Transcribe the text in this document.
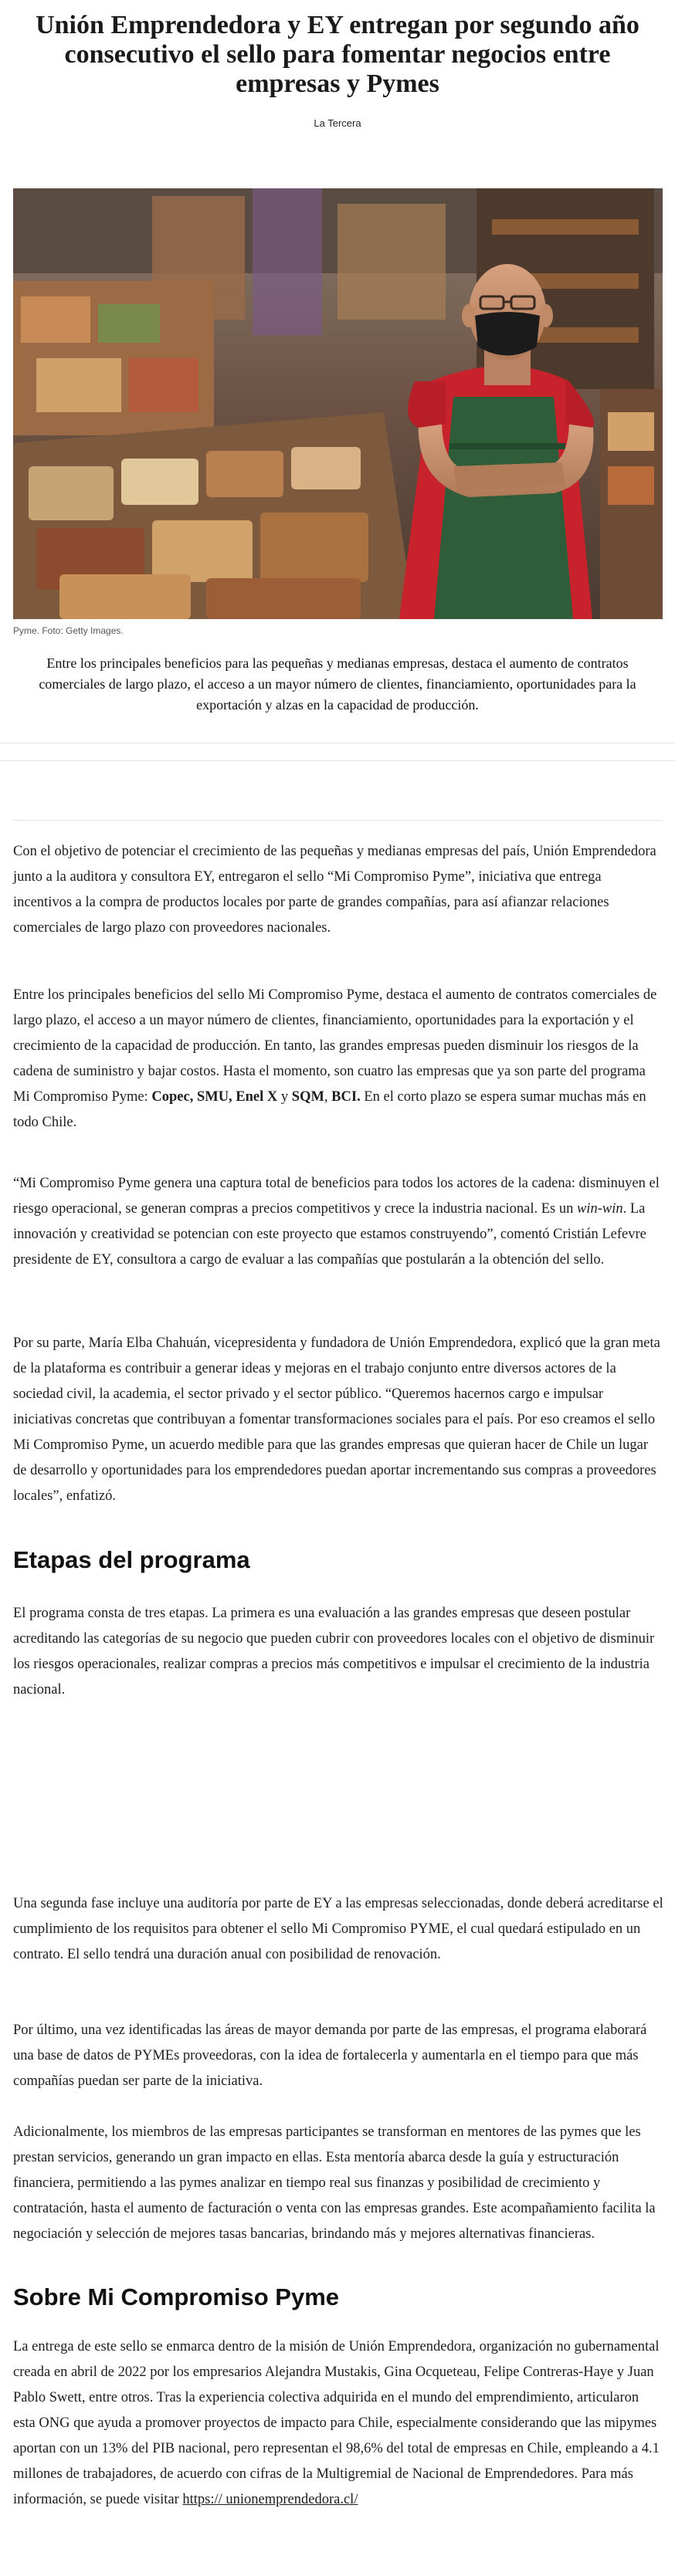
Unión Emprendedora y EY entregan por segundo año consecutivo el sello para fomentar negocios entre empresas y Pymes
La Tercera
Pyme. Foto: Getty Images.
Entre los principales beneficios para las pequeñas y medianas empresas, destaca el aumento de contratos comerciales de largo plazo, el acceso a un mayor número de clientes, financiamiento, oportunidades para la exportación y alzas en la capacidad de producción.

Con el objetivo de potenciar el crecimiento de las pequeñas y medianas empresas del país, Unión Emprendedora junto a la auditora y consultora EY, entregaron el sello “Mi Compromiso Pyme”, iniciativa que entrega incentivos a la compra de productos locales por parte de grandes compañías, para así afianzar relaciones comerciales de largo plazo con proveedores nacionales.

Entre los principales beneficios del sello Mi Compromiso Pyme, destaca el aumento de contratos comerciales de largo plazo, el acceso a un mayor número de clientes, financiamiento, oportunidades para la exportación y el crecimiento de la capacidad de producción. En tanto, las grandes empresas pueden disminuir los riesgos de la cadena de suministro y bajar costos. Hasta el momento, son cuatro las empresas que ya son parte del programa Mi Compromiso Pyme: Copec, SMU, Enel X y SQM, BCI. En el corto plazo se espera sumar muchas más en todo Chile.

“Mi Compromiso Pyme genera una captura total de beneficios para todos los actores de la cadena: disminuyen el riesgo operacional, se generan compras a precios competitivos y crece la industria nacional. Es un win-win. La innovación y creatividad se potencian con este proyecto que estamos construyendo”, comentó Cristián Lefevre presidente de EY, consultora a cargo de evaluar a las compañías que postularán a la obtención del sello.

Por su parte, María Elba Chahuán, vicepresidenta y fundadora de Unión Emprendedora, explicó que la gran meta de la plataforma es contribuir a generar ideas y mejoras en el trabajo conjunto entre diversos actores de la sociedad civil, la academia, el sector privado y el sector público. “Queremos hacernos cargo e impulsar iniciativas concretas que contribuyan a fomentar transformaciones sociales para el país. Por eso creamos el sello Mi Compromiso Pyme, un acuerdo medible para que las grandes empresas que quieran hacer de Chile un lugar de desarrollo y oportunidades para los emprendedores puedan aportar incrementando sus compras a proveedores locales”, enfatizó.

Etapas del programa

El programa consta de tres etapas. La primera es una evaluación a las grandes empresas que deseen postular acreditando las categorías de su negocio que pueden cubrir con proveedores locales con el objetivo de disminuir los riesgos operacionales, realizar compras a precios más competitivos e impulsar el crecimiento de la industria nacional.

Una segunda fase incluye una auditoría por parte de EY a las empresas seleccionadas, donde deberá acreditarse el cumplimiento de los requisitos para obtener el sello Mi Compromiso PYME, el cual quedará estipulado en un contrato. El sello tendrá una duración anual con posibilidad de renovación.

Por último, una vez identificadas las áreas de mayor demanda por parte de las empresas, el programa elaborará una base de datos de PYMEs proveedoras, con la idea de fortalecerla y aumentarla en el tiempo para que más compañías puedan ser parte de la iniciativa.

Adicionalmente, los miembros de las empresas participantes se transforman en mentores de las pymes que les prestan servicios, generando un gran impacto en ellas. Esta mentoría abarca desde la guía y estructuración financiera, permitiendo a las pymes analizar en tiempo real sus finanzas y posibilidad de crecimiento y contratación, hasta el aumento de facturación o venta con las empresas grandes. Este acompañamiento facilita la negociación y selección de mejores tasas bancarias, brindando más y mejores alternativas financieras.

Sobre Mi Compromiso Pyme

La entrega de este sello se enmarca dentro de la misión de Unión Emprendedora, organización no gubernamental creada en abril de 2022 por los empresarios Alejandra Mustakis, Gina Ocqueteau, Felipe Contreras-Haye y Juan Pablo Swett, entre otros. Tras la experiencia colectiva adquirida en el mundo del emprendimiento, articularon esta ONG que ayuda a promover proyectos de impacto para Chile, especialmente considerando que las mipymes aportan con un 13% del PIB nacional, pero representan el 98,6% del total de empresas en Chile, empleando a 4.1 millones de trabajadores, de acuerdo con cifras de la Multigremial de Nacional de Emprendedores. Para más información, se puede visitar https:// unionemprendedora.cl/
